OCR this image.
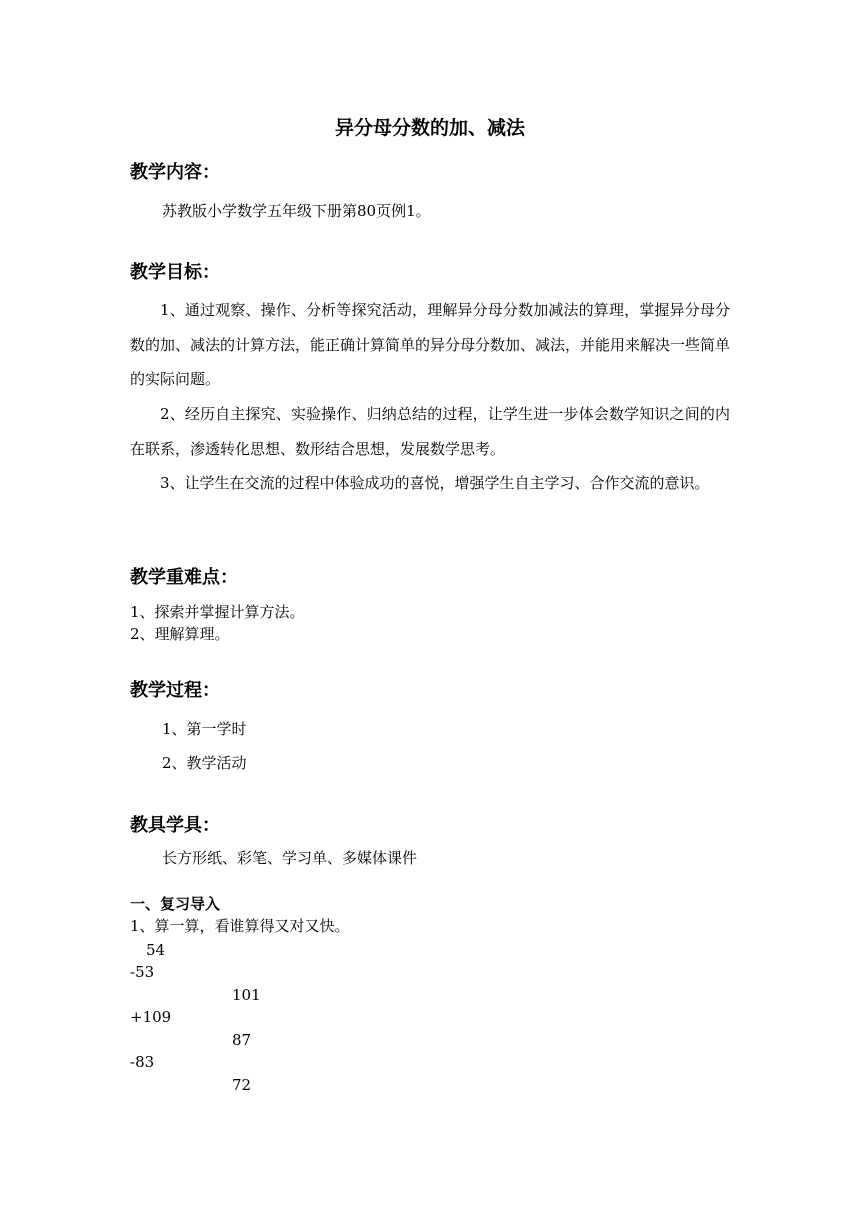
异分母分数的加、减法
教学内容：
苏教版小学数学五年级下册第80页例1。
教学目标：
1、通过观察、操作、分析等探究活动，理解异分母分数加减法的算理，掌握异分母分数的加、减法的计算方法，能正确计算简单的异分母分数加、减法，并能用来解决一些简单的实际问题。
2、经历自主探究、实验操作、归纳总结的过程，让学生进一步体会数学知识之间的内在联系，渗透转化思想、数形结合思想，发展数学思考。
3、让学生在交流的过程中体验成功的喜悦，增强学生自主学习、合作交流的意识。
教学重难点：
1、探索并掌握计算方法。
2、理解算理。
教学过程：
1、第一学时
2、教学活动
教具学具：
长方形纸、彩笔、学习单、多媒体课件
一、复习导入
1、算一算，看谁算得又对又快。
54
-53
101
+109
87
-83
72
